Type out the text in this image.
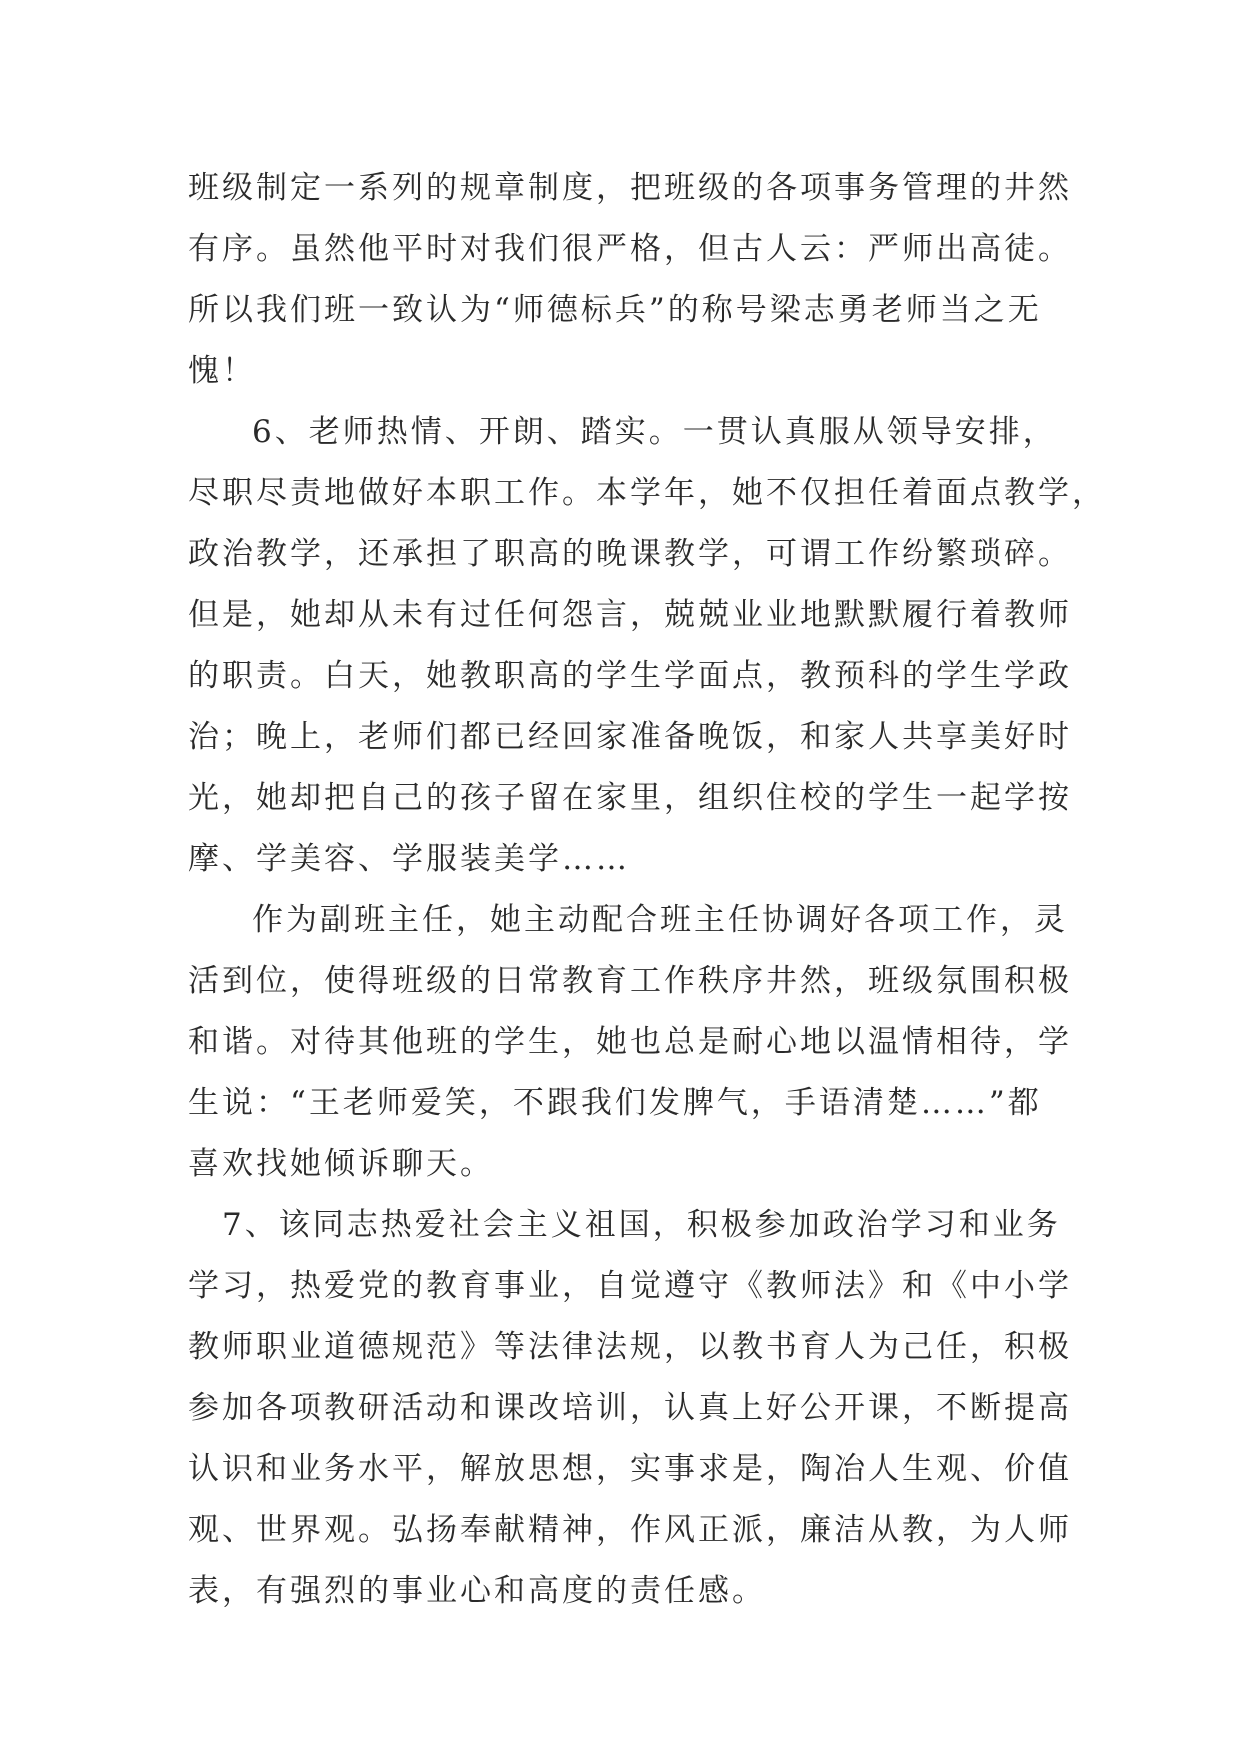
班级制定一系列的规章制度，把班级的各项事务管理的井然
有序。虽然他平时对我们很严格，但古人云：严师出高徒。
所以我们班一致认为“师德标兵”的称号梁志勇老师当之无
愧！
6、老师热情、开朗、踏实。一贯认真服从领导安排，
尽职尽责地做好本职工作。本学年，她不仅担任着面点教学，
政治教学，还承担了职高的晚课教学，可谓工作纷繁琐碎。
但是，她却从未有过任何怨言，兢兢业业地默默履行着教师
的职责。白天，她教职高的学生学面点，教预科的学生学政
治；晚上，老师们都已经回家准备晚饭，和家人共享美好时
光，她却把自己的孩子留在家里，组织住校的学生一起学按
摩、学美容、学服装美学……
作为副班主任，她主动配合班主任协调好各项工作，灵
活到位，使得班级的日常教育工作秩序井然，班级氛围积极
和谐。对待其他班的学生，她也总是耐心地以温情相待，学
生说：“王老师爱笑，不跟我们发脾气，手语清楚……”都
喜欢找她倾诉聊天。
7、该同志热爱社会主义祖国，积极参加政治学习和业务
学习，热爱党的教育事业，自觉遵守《教师法》和《中小学
教师职业道德规范》等法律法规，以教书育人为己任，积极
参加各项教研活动和课改培训，认真上好公开课，不断提高
认识和业务水平，解放思想，实事求是，陶冶人生观、价值
观、世界观。弘扬奉献精神，作风正派，廉洁从教，为人师
表，有强烈的事业心和高度的责任感。
